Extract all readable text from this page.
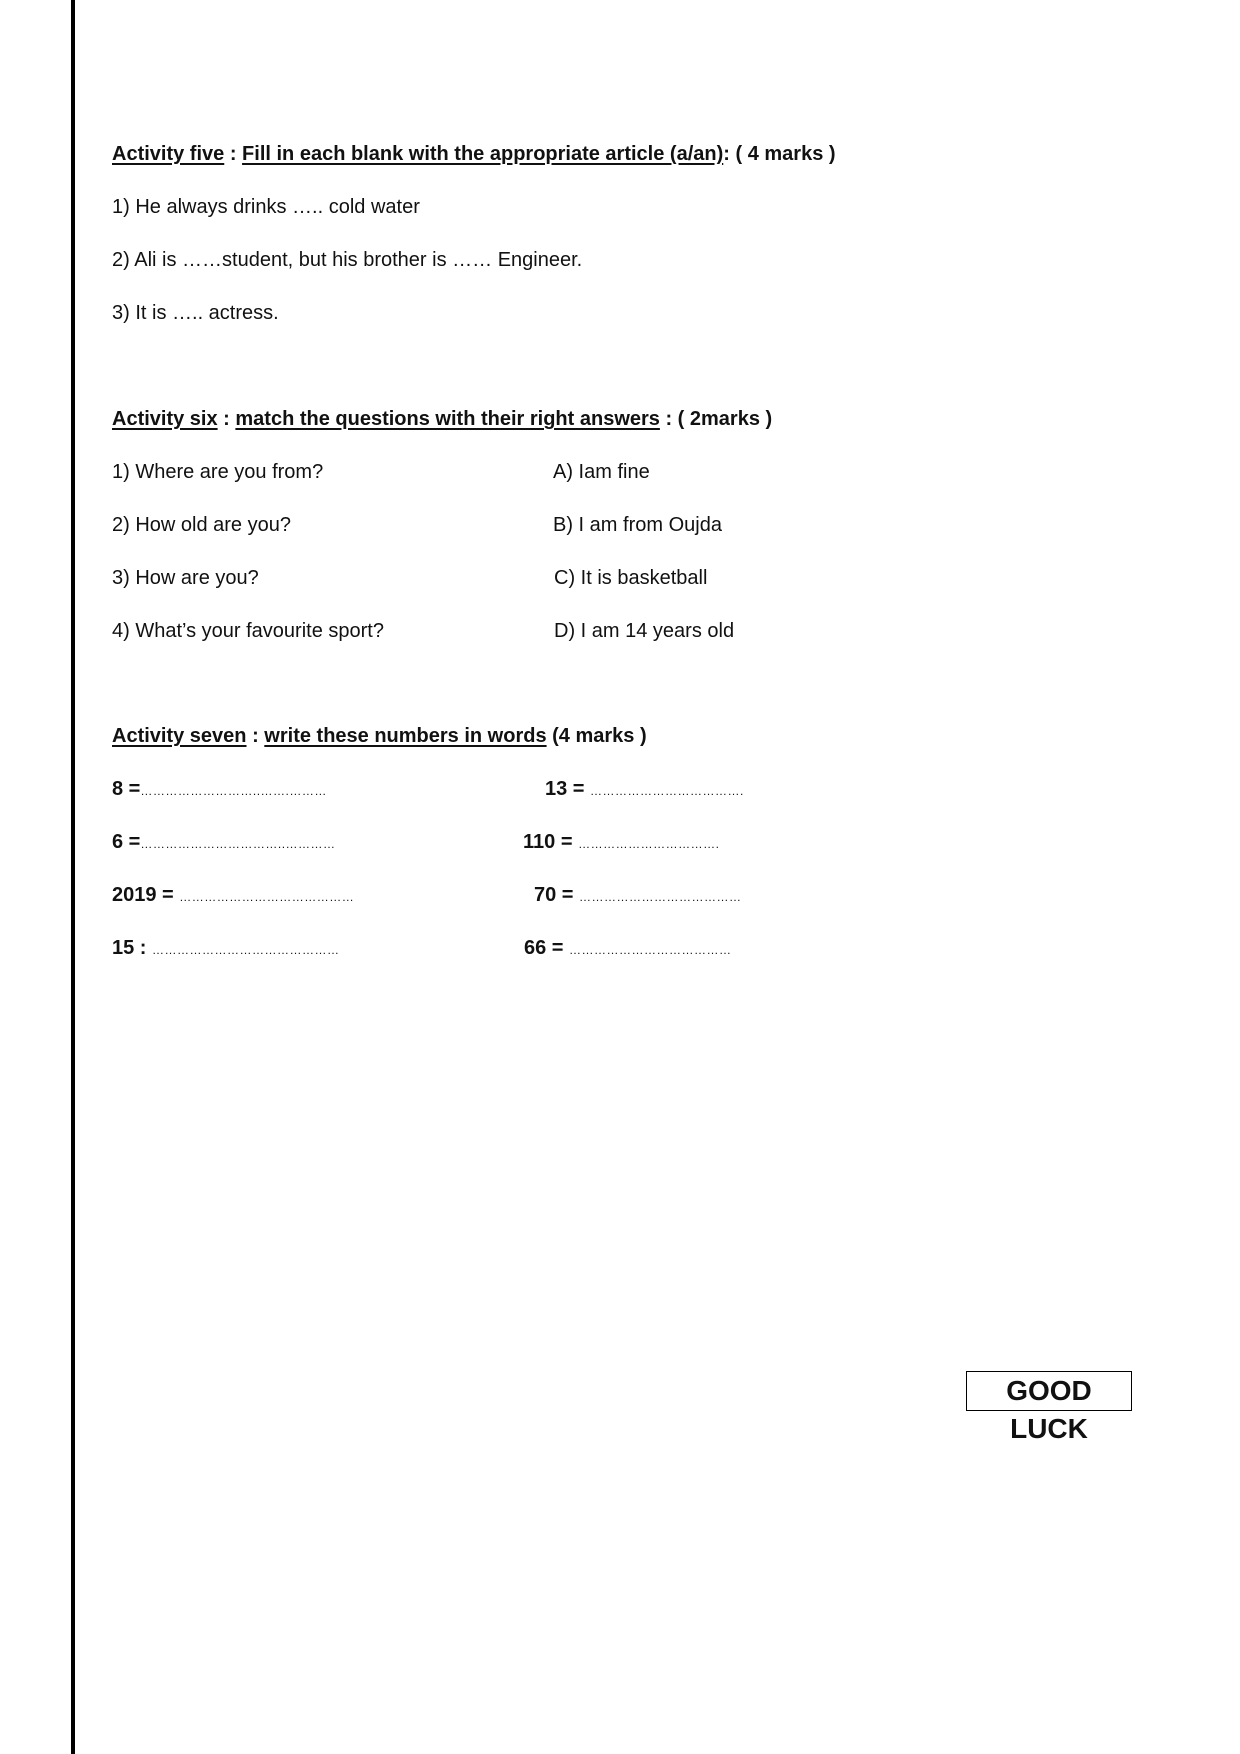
Activity five : Fill in each blank with the appropriate article (a/an): ( 4 marks )
1) He always drinks ….. cold water
2) Ali is ……student, but his brother is …… Engineer.
3) It is ….. actress.
Activity six : match the questions with their right answers : ( 2marks )
1) Where are you from?
2) How old are you?
3) How are you?
4) What’s your favourite sport?
A) Iam fine
B) I am from Oujda
C) It is basketball
D) I am 14 years old
Activity seven : write these numbers in words (4 marks )
8 =………………………..…….………
6 =……………………………..…………
2019 = ……………………………………
15 : ………………………………………
13 = ……………………………….
110 = …………………………….
70 = …………………………………
66 = …………………………………
GOOD LUCK
